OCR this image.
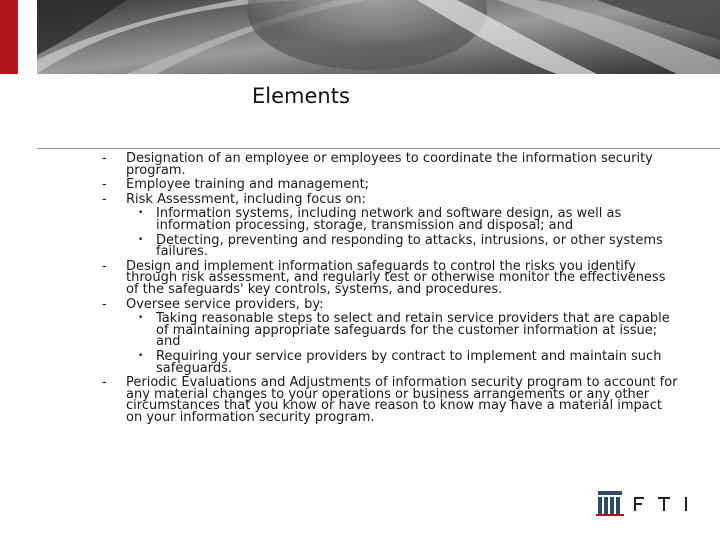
Elements
-	Designation of an employee or employees to coordinate the information security program.
-	Employee training and management;
-	Risk Assessment, including focus on:
• Information systems, including network and software design, as well as information processing, storage, transmission and disposal; and
• Detecting, preventing and responding to attacks, intrusions, or other systems failures.
-	Design and implement information safeguards to control the risks you identify through risk assessment, and regularly test or otherwise monitor the effectiveness of the safeguards' key controls, systems, and procedures.
-	Oversee service providers, by:
• Taking reasonable steps to select and retain service providers that are capable of maintaining appropriate safeguards for the customer information at issue; and
• Requiring your service providers by contract to implement and maintain such safeguards.
-	Periodic Evaluations and Adjustments of information security program to account for any material changes to your operations or business arrangements or any other circumstances that you know or have reason to know may have a material impact on your information security program.
